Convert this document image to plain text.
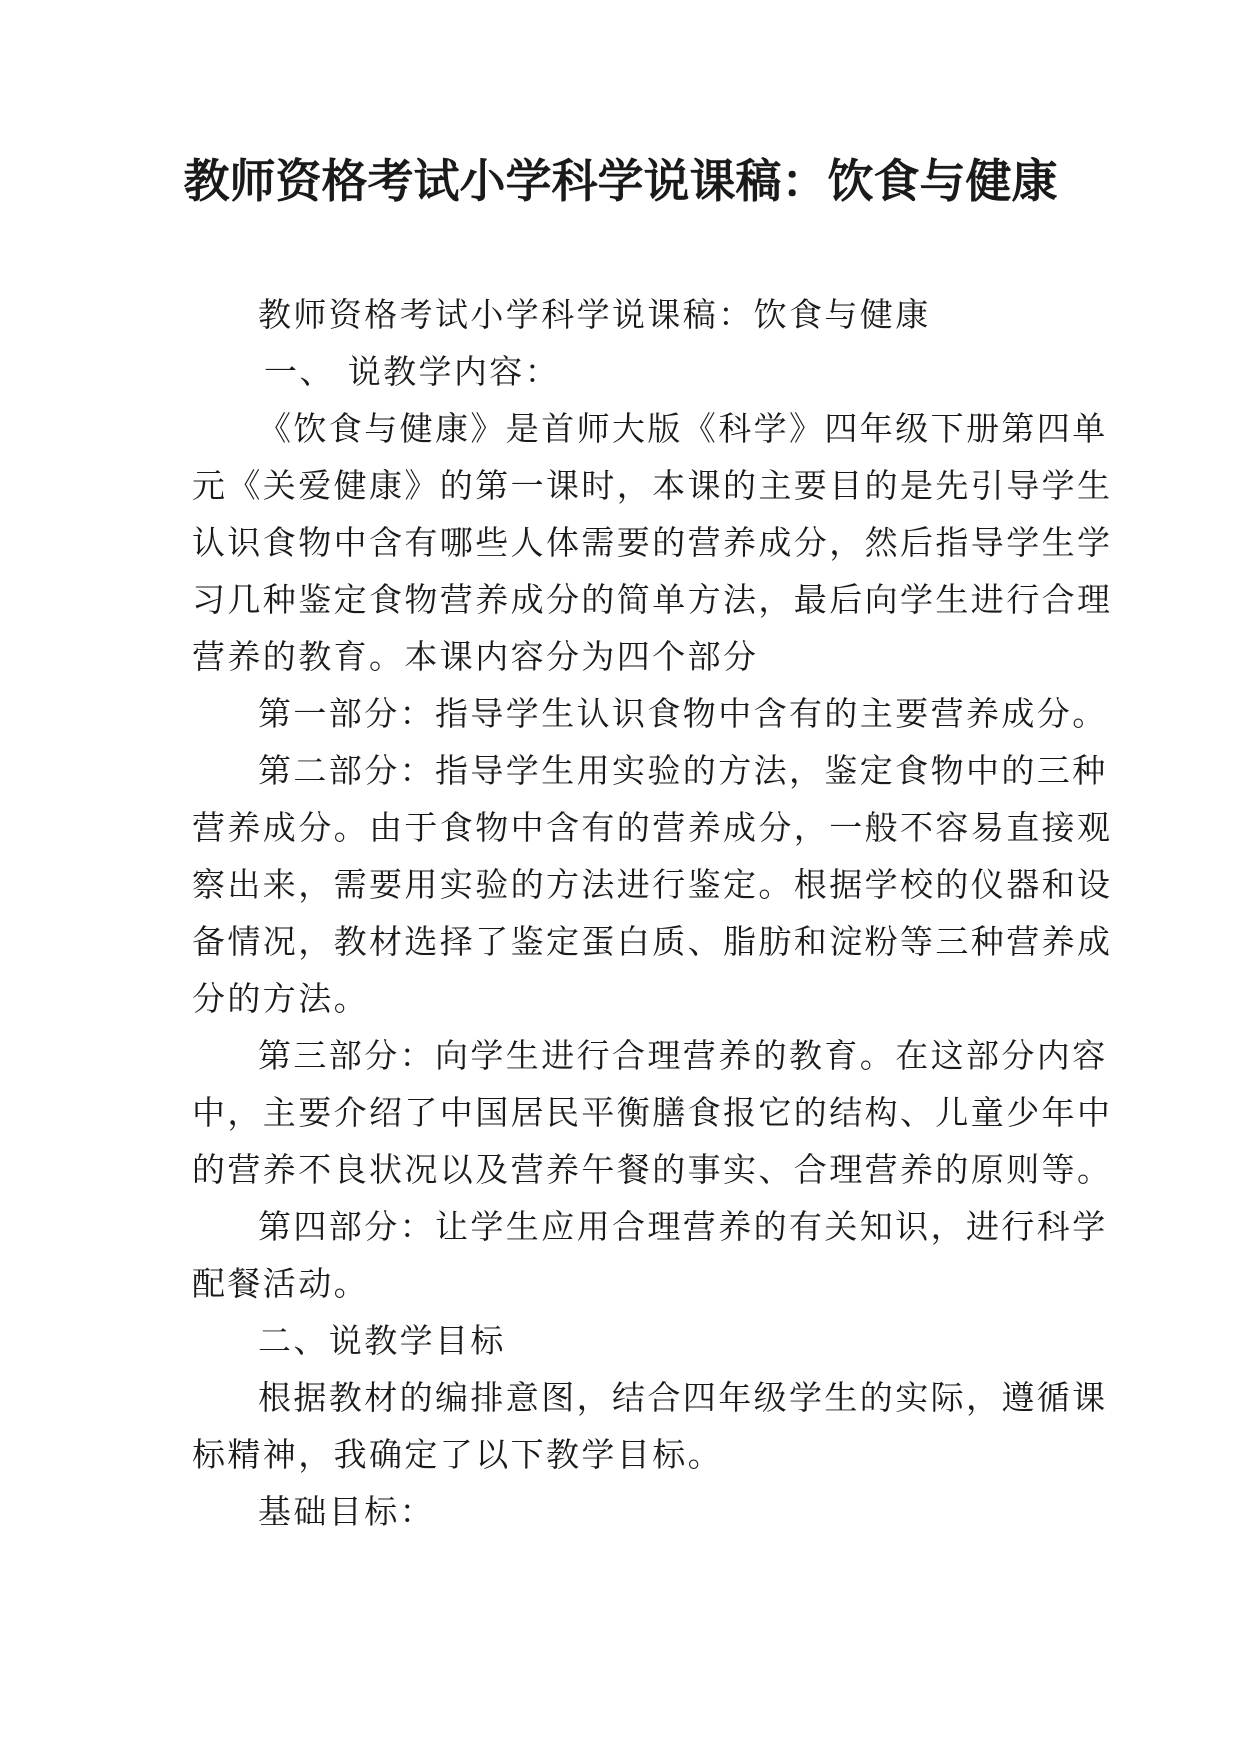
教师资格考试小学科学说课稿：饮食与健康
教师资格考试小学科学说课稿：饮食与健康
一、 说教学内容：
《饮食与健康》是首师大版《科学》四年级下册第四单
元《关爱健康》的第一课时，本课的主要目的是先引导学生
认识食物中含有哪些人体需要的营养成分，然后指导学生学
习几种鉴定食物营养成分的简单方法，最后向学生进行合理
营养的教育。本课内容分为四个部分
第一部分：指导学生认识食物中含有的主要营养成分。
第二部分：指导学生用实验的方法，鉴定食物中的三种
营养成分。由于食物中含有的营养成分，一般不容易直接观
察出来，需要用实验的方法进行鉴定。根据学校的仪器和设
备情况，教材选择了鉴定蛋白质、脂肪和淀粉等三种营养成
分的方法。
第三部分：向学生进行合理营养的教育。在这部分内容
中，主要介绍了中国居民平衡膳食报它的结构、儿童少年中
的营养不良状况以及营养午餐的事实、合理营养的原则等。
第四部分：让学生应用合理营养的有关知识，进行科学
配餐活动。
二、说教学目标
根据教材的编排意图，结合四年级学生的实际，遵循课
标精神，我确定了以下教学目标。
基础目标：
